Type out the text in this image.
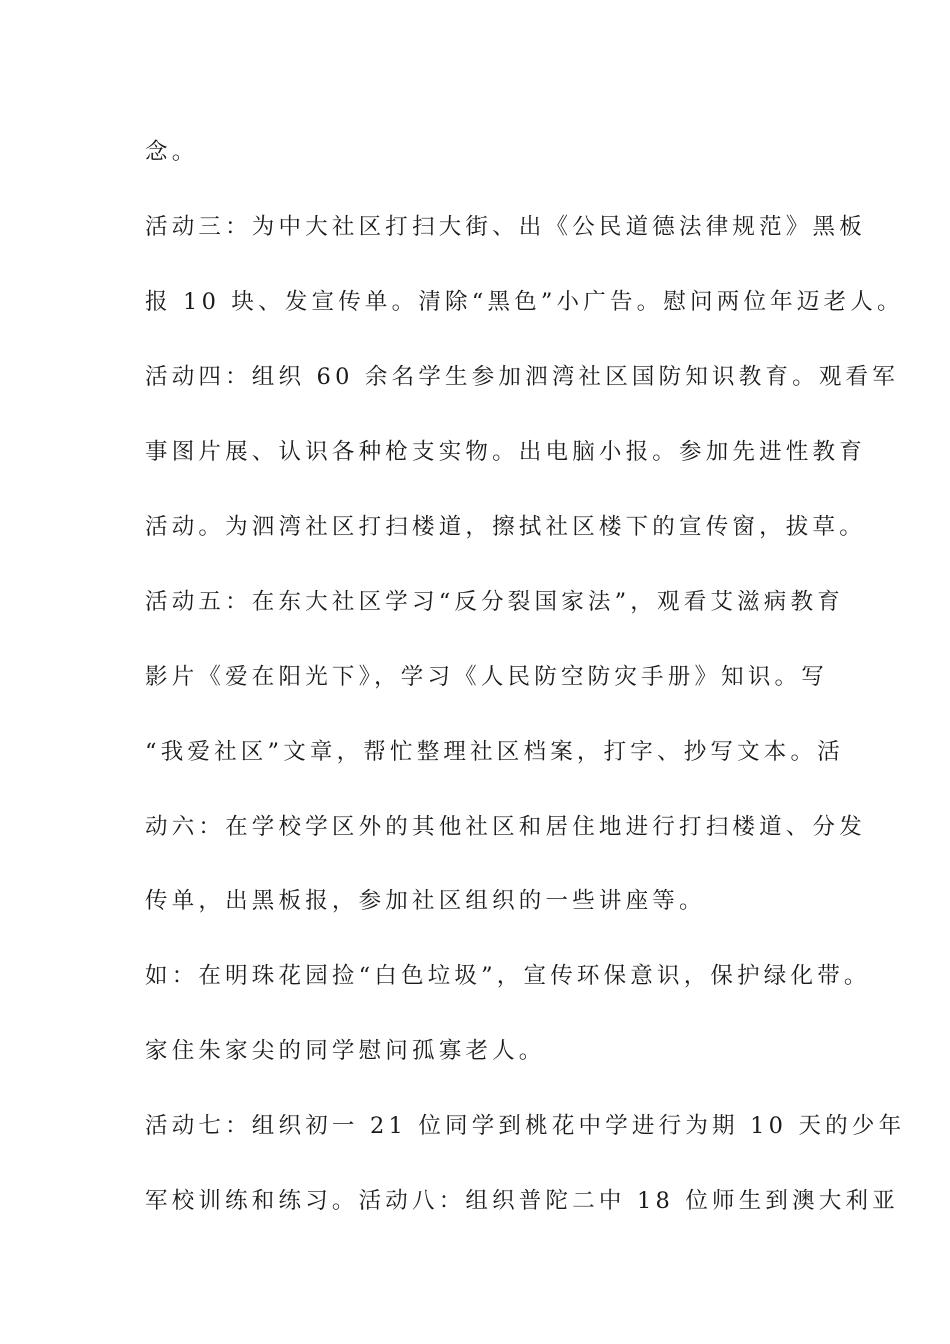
念。
活动三：为中大社区打扫大街、出《公民道德法律规范》黑板
报 10 块、发宣传单。清除“黑色”小广告。慰问两位年迈老人。
活动四：组织 60 余名学生参加泗湾社区国防知识教育。观看军
事图片展、认识各种枪支实物。出电脑小报。参加先进性教育
活动。为泗湾社区打扫楼道，擦拭社区楼下的宣传窗，拔草。
活动五：在东大社区学习“反分裂国家法”，观看艾滋病教育
影片《爱在阳光下》，学习《人民防空防灾手册》知识。写
“我爱社区”文章，帮忙整理社区档案，打字、抄写文本。活
动六：在学校学区外的其他社区和居住地进行打扫楼道、分发
传单，出黑板报，参加社区组织的一些讲座等。
如：在明珠花园捡“白色垃圾”，宣传环保意识，保护绿化带。
家住朱家尖的同学慰问孤寡老人。
活动七：组织初一 21 位同学到桃花中学进行为期 10 天的少年
军校训练和练习。活动八：组织普陀二中 18 位师生到澳大利亚
